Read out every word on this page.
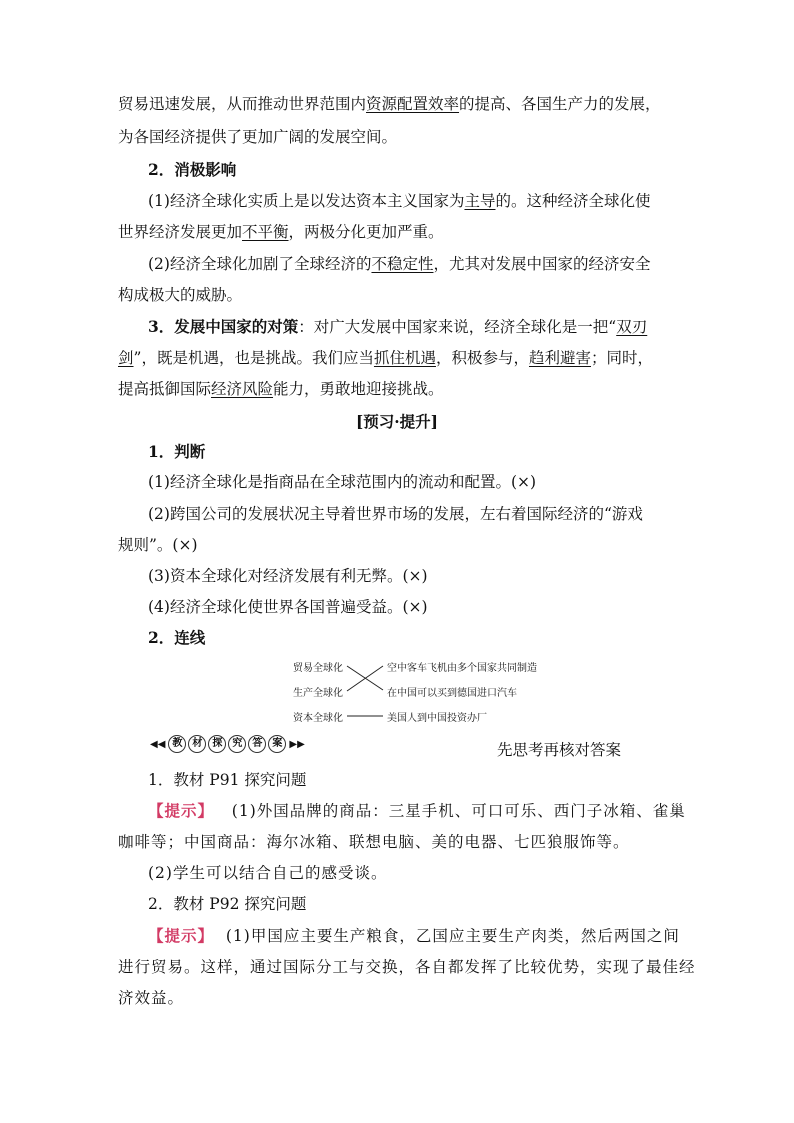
贸易迅速发展，从而推动世界范围内资源配置效率的提高、各国生产力的发展，
为各国经济提供了更加广阔的发展空间。
2．消极影响
(1)经济全球化实质上是以发达资本主义国家为主导的。这种经济全球化使
世界经济发展更加不平衡，两极分化更加严重。
(2)经济全球化加剧了全球经济的不稳定性，尤其对发展中国家的经济安全
构成极大的威胁。
3．发展中国家的对策：对广大发展中国家来说，经济全球化是一把“双刃
剑”，既是机遇，也是挑战。我们应当抓住机遇，积极参与，趋利避害；同时，
提高抵御国际经济风险能力，勇敢地迎接挑战。
[预习·提升]
1．判断
(1)经济全球化是指商品在全球范围内的流动和配置。(×)
(2)跨国公司的发展状况主导着世界市场的发展，左右着国际经济的“游戏
规则”。(×)
(3)资本全球化对经济发展有利无弊。(×)
(4)经济全球化使世界各国普遍受益。(×)
2．连线
贸易全球化
生产全球化
资本全球化
空中客车飞机由多个国家共同制造
在中国可以买到德国进口汽车
美国人到中国投资办厂
◀◀ 教	材	探	究	答	案 ▶▶	先思考再核对答案
1．教材 P91 探究问题
【提示】 (1)外国品牌的商品：三星手机、可口可乐、西门子冰箱、雀巢
咖啡等；中国商品：海尔冰箱、联想电脑、美的电器、七匹狼服饰等。
(2)学生可以结合自己的感受谈。
2．教材 P92 探究问题
【提示】 (1)甲国应主要生产粮食，乙国应主要生产肉类，然后两国之间
进行贸易。这样，通过国际分工与交换，各自都发挥了比较优势，实现了最佳经
济效益。
